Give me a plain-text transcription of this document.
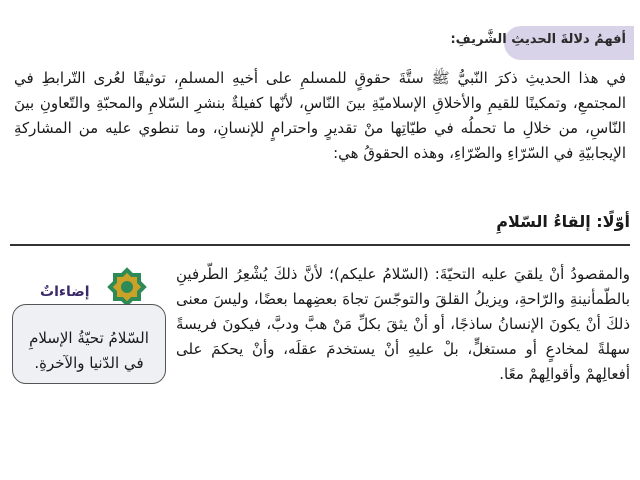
أفهمُ دلالةَ الحديثِ الشَّريفِ:

في هذا الحديثِ ذكرَ النّبيُّ ﷺ ستَّةَ حقوقٍ للمسلمِ على أخيهِ المسلمِ، توثيقًا لعُرى التّرابطِ في المجتمعِ، وتمكينًا للقيمِ والأخلاقِ الإسلاميّةِ بينَ النّاسِ، لأنّها كفيلةٌ بنشرِ السّلامِ والمحبّةِ والتّعاونِ بينَ النّاسِ، من خلالِ ما تحملُه في طيّاتِها منْ تقديرٍ واحترامٍ للإنسانِ، وما تنطوي عليه من المشاركةِ الإيجابيّةِ في السّرّاءِ والضّرّاءِ، وهذه الحقوقُ هي:

أوّلًا: إلقاءُ السّلامِ

والمقصودُ أنْ يلقيَ عليه التحيّةَ: (السّلامُ عليكم)؛ لأنَّ ذلكَ يُشْعِرُ الطّرفينِ بالطّمأنينةِ والرّاحةِ، ويزيلُ القلقَ والتوجّسَ تجاهَ بعضِهما بعضًا، وليسَ معنى ذلكَ أنْ يكونَ الإنسانُ ساذجًا، أو أنْ يثقَ بكلِّ مَنْ هبَّ ودبَّ، فيكونَ فريسةً سهلةً لمخادعٍ أو مستغلٍّ، بلْ عليهِ أنْ يستخدمَ عقلَه، وأنْ يحكمَ على أفعالِهمْ وأقوالِهمْ معًا.

إضاءاتٌ
السّلامُ تحيّةُ الإسلامِ في الدّنيا والآخرةِ.
